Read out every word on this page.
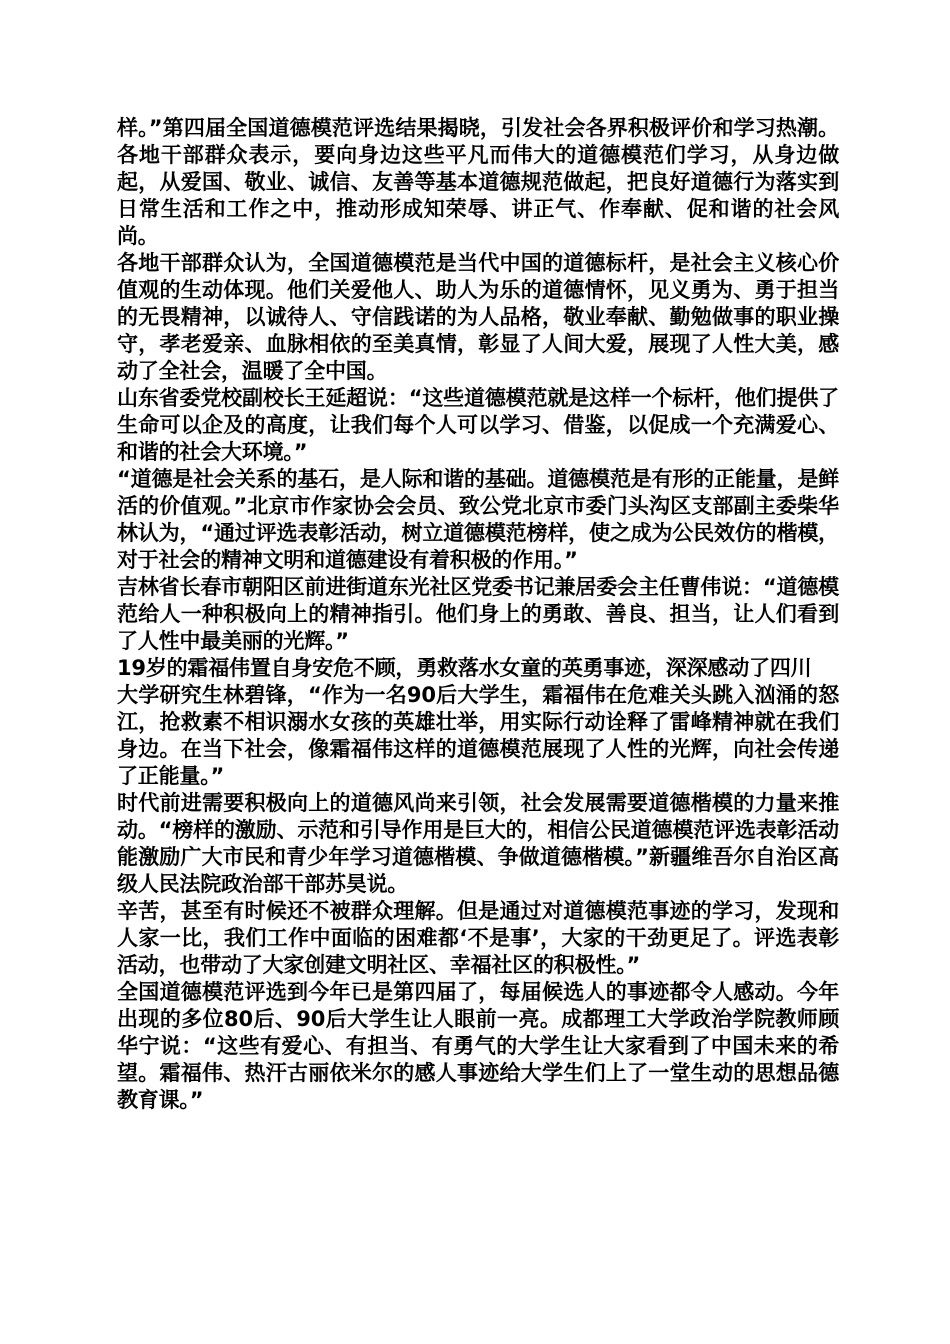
样。”第四届全国道德模范评选结果揭晓，引发社会各界积极评价和学习热潮。各地干部群众表示，要向身边这些平凡而伟大的道德模范们学习，从身边做起，从爱国、敬业、诚信、友善等基本道德规范做起，把良好道德行为落实到日常生活和工作之中，推动形成知荣辱、讲正气、作奉献、促和谐的社会风尚。

各地干部群众认为，全国道德模范是当代中国的道德标杆，是社会主义核心价值观的生动体现。他们关爱他人、助人为乐的道德情怀，见义勇为、勇于担当的无畏精神，以诚待人、守信践诺的为人品格，敬业奉献、勤勉做事的职业操守，孝老爱亲、血脉相依的至美真情，彰显了人间大爱，展现了人性大美，感动了全社会，温暖了全中国。

山东省委党校副校长王延超说：“这些道德模范就是这样一个标杆，他们提供了生命可以企及的高度，让我们每个人可以学习、借鉴，以促成一个充满爱心、和谐的社会大环境。”

“道德是社会关系的基石，是人际和谐的基础。道德模范是有形的正能量，是鲜活的价值观。”北京市作家协会会员、致公党北京市委门头沟区支部副主委柴华林认为，“通过评选表彰活动，树立道德模范榜样，使之成为公民效仿的楷模，对于社会的精神文明和道德建设有着积极的作用。”

吉林省长春市朝阳区前进街道东光社区党委书记兼居委会主任曹伟说：“道德模范给人一种积极向上的精神指引。他们身上的勇敢、善良、担当，让人们看到了人性中最美丽的光辉。”

19岁的霜福伟置自身安危不顾，勇救落水女童的英勇事迹，深深感动了四川

大学研究生林碧锋，“作为一名90后大学生，霜福伟在危难关头跳入汹涌的怒江，抢救素不相识溺水女孩的英雄壮举，用实际行动诠释了雷峰精神就在我们身边。在当下社会，像霜福伟这样的道德模范展现了人性的光辉，向社会传递了正能量。”

时代前进需要积极向上的道德风尚来引领，社会发展需要道德楷模的力量来推动。“榜样的激励、示范和引导作用是巨大的，相信公民道德模范评选表彰活动能激励广大市民和青少年学习道德楷模、争做道德楷模。”新疆维吾尔自治区高级人民法院政治部干部苏昊说。

辛苦，甚至有时候还不被群众理解。但是通过对道德模范事迹的学习，发现和人家一比，我们工作中面临的困难都‘不是事’，大家的干劲更足了。评选表彰活动，也带动了大家创建文明社区、幸福社区的积极性。”

全国道德模范评选到今年已是第四届了，每届候选人的事迹都令人感动。今年出现的多位80后、90后大学生让人眼前一亮。成都理工大学政治学院教师顾华宁说：“这些有爱心、有担当、有勇气的大学生让大家看到了中国未来的希望。霜福伟、热汗古丽依米尔的感人事迹给大学生们上了一堂生动的思想品德教育课。”
